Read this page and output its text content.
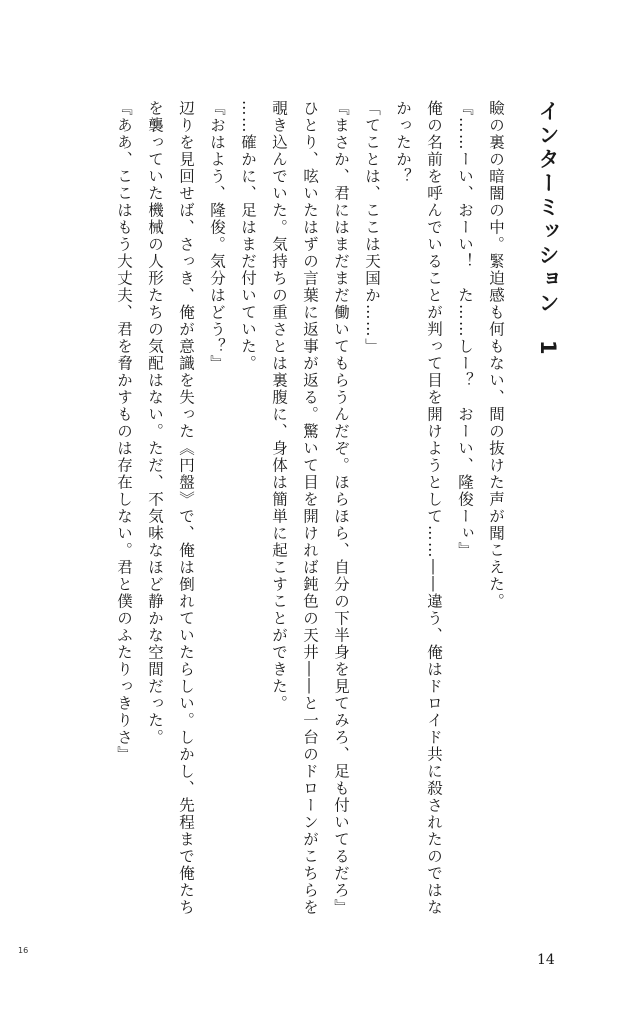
インターミッション　1

瞼の裏の暗闇の中。緊迫感も何もない、間の抜けた声が聞こえた。

『……ーい、おーい！　た……しー？　おーい、隆俊ーぃ』

俺の名前を呼んでいることが判って目を開けようとして……――違う、俺はドロイド共に殺されたのではなかったか？

「てことは、ここは天国か……」

『まさか、君にはまだまだ働いてもらうんだぞ。ほらほら、自分の下半身を見てみろ、足も付いてるだろ』

ひとり、呟いたはずの言葉に返事が返る。驚いて目を開ければ鈍色の天井――と一台のドローンがこちらを覗き込んでいた。気持ちの重さとは裏腹に、身体は簡単に起こすことができた。

……確かに、足はまだ付いていた。

『おはよう、隆俊。気分はどう？』

辺りを見回せば、さっき、俺が意識を失った《円盤》で、俺は倒れていたらしい。しかし、先程まで俺たちを襲っていた機械の人形たちの気配はない。ただ、不気味なほど静かな空間だった。

『ああ、ここはもう大丈夫、君を脅かすものは存在しない。君と僕のふたりっきりさ』

14
16
